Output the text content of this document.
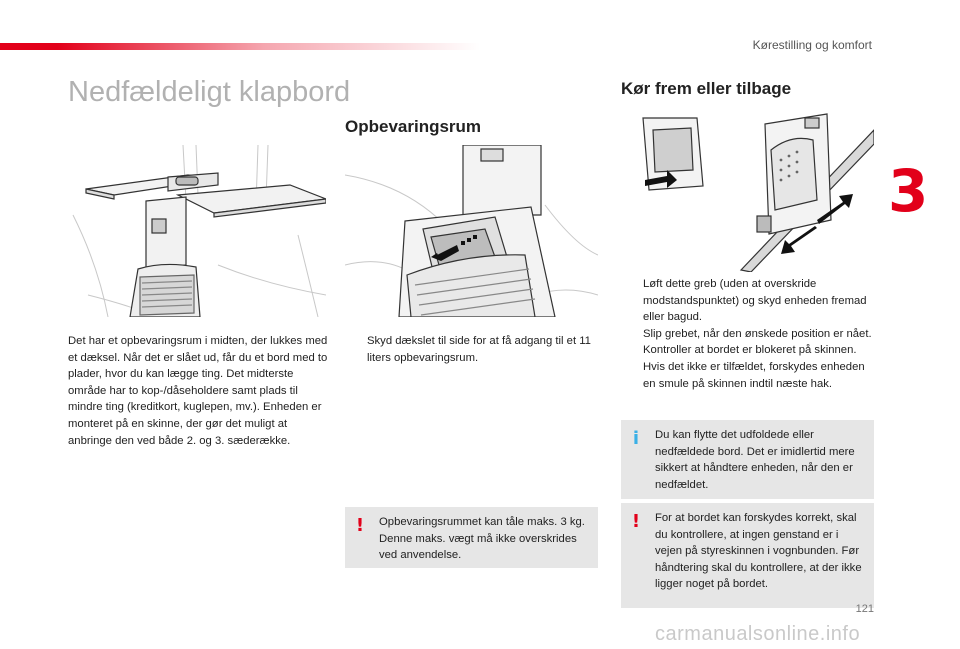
Kørestilling og komfort
3
Nedfældeligt klapbord
Opbevaringsrum
Kør frem eller tilbage

Det har et opbevaringsrum i midten, der lukkes med et dæksel. Når det er slået ud, får du et bord med to plader, hvor du kan lægge ting. Det midterste område har to kop-/dåseholdere samt plads til mindre ting (kreditkort, kuglepen, mv.). Enheden er monteret på en skinne, der gør det muligt at anbringe den ved både 2. og 3. sæderække.

Skyd dækslet til side for at få adgang til et 11 liters opbevaringsrum.
Løft dette greb (uden at overskride modstandspunktet) og skyd enheden fremad eller bagud.
Slip grebet, når den ønskede position er nået.
Kontroller at bordet er blokeret på skinnen. Hvis det ikke er tilfældet, forskydes enheden en smule på skinnen indtil næste hak.
i Du kan flytte det udfoldede eller nedfældede bord. Det er imidlertid mere sikkert at håndtere enheden, når den er nedfældet.
! For at bordet kan forskydes korrekt, skal du kontrollere, at ingen genstand er i vejen på styreskinnen i vognbunden. Før håndtering skal du kontrollere, at der ikke ligger noget på bordet.
! Opbevaringsrummet kan tåle maks. 3 kg. Denne maks. vægt må ikke overskrides ved anvendelse.
121
carmanualsonline.info
